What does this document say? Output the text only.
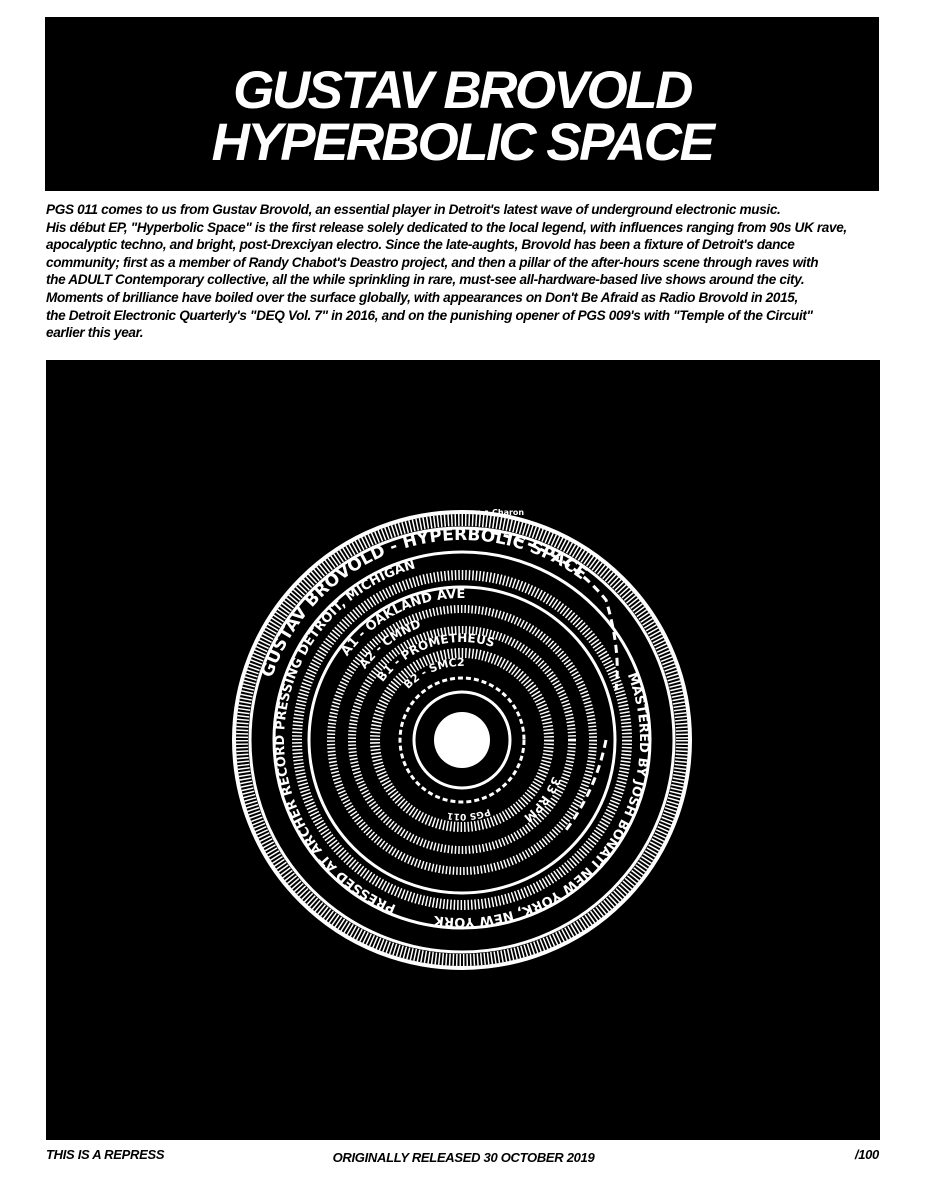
GUSTAV BROVOLD

HYPERBOLIC SPACE

PGS 011 comes to us from Gustav Brovold, an essential player in Detroit's latest wave of underground electronic music.
His début EP, "Hyperbolic Space" is the first release solely dedicated to the local legend, with influences ranging from 90s UK rave,
apocalyptic techno, and bright, post-Drexciyan electro. Since the late-aughts, Brovold has been a fixture of Detroit's dance
community; first as a member of Randy Chabot's Deastro project, and then a pillar of the after-hours scene through raves with
the ADULT Contemporary collective, all the while sprinkling in rare, must-see all-hardware-based live shows around the city.
Moments of brilliance have boiled over the surface globally, with appearances on Don't Be Afraid as Radio Brovold in 2015,
the Detroit Electronic Quarterly's "DEQ Vol. 7" in 2016, and on the punishing opener of PGS 009's with "Temple of the Circuit"
earlier this year.
GUSTAV BROVOLD - HYPERBOLIC SPACE
MASTERED BY JOSH BONATI NEW YORK, NEW YORK
PRESSED AT ARCHER RECORD PRESSING DETROIT, MICHIGAN
A1 - OAKLAND AVE
A2 - CMND
B1 - PROMETHEUS
33 RPM
B2 - SMC2
PGS 011
Charon
THIS IS A REPRESS	ORIGINALLY RELEASED 30 OCTOBER 2019	/100
